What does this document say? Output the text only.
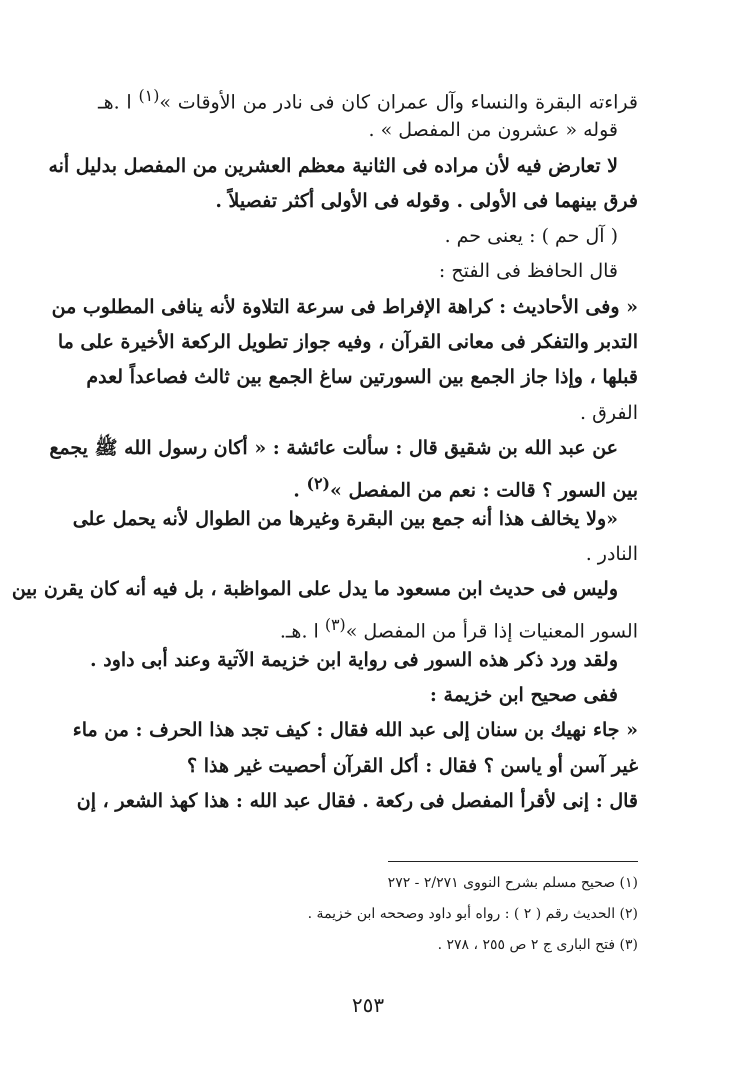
قراءته البقرة والنساء وآل عمران كان فى نادر من الأوقات »$^{(١)}$ ا .هـ
قوله « عشرون من المفصل » .
لا تعارض فيه لأن مراده فى الثانية معظم العشرين من المفصل بدليل أنه
فرق بينهما فى الأولى . وقوله فى الأولى أكثر تفصيلاً .
( آل حم ) : يعنى حم .
قال الحافظ فى الفتح :
« وفى الأحاديث : كراهة الإفراط فى سرعة التلاوة لأنه ينافى المطلوب من
التدبر والتفكر فى معانى القرآن ، وفيه جواز تطويل الركعة الأخيرة على ما
قبلها ، وإذا جاز الجمع بين السورتين ساغ الجمع بين ثالث فصاعداً لعدم
الفرق .
عن عبد الله بن شقيق قال : سألت عائشة : « أكان رسول الله ﷺ يجمع
بين السور ؟ قالت : نعم من المفصل »$^{(٢)}$ .
«ولا يخالف هذا أنه جمع بين البقرة وغيرها من الطوال لأنه يحمل على
النادر .
وليس فى حديث ابن مسعود ما يدل على المواظبة ، بل فيه أنه كان يقرن بين
السور المعنيات إذا قرأ من المفصل »$^{(٣)}$ ا .هـ.
ولقد ورد ذكر هذه السور فى رواية ابن خزيمة الآتية وعند أبى داود .
ففى صحيح ابن خزيمة :
« جاء نهيك بن سنان إلى عبد الله فقال : كيف تجد هذا الحرف : من ماء
غير آسن أو ياسن ؟ فقال : أكل القرآن أحصيت غير هذا ؟
قال : إنى لأقرأ المفصل فى ركعة . فقال عبد الله : هذا كهذ الشعر ، إن
(١) صحيح مسلم بشرح النووى ٢/٢٧١ - ٢٧٢
(٢) الحديث رقم ( ٢ ) : رواه أبو داود وصححه ابن خزيمة .
(٣) فتح البارى ج ٢ ص ٢٥٥ ، ٢٧٨ .
٢٥٣
